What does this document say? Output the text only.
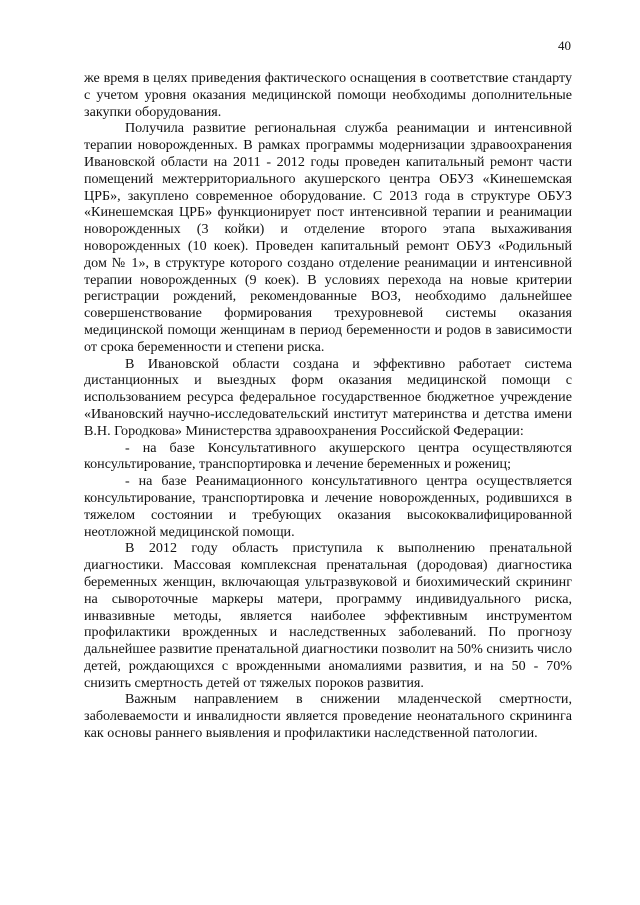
40

же время в целях приведения фактического оснащения в соответствие стандарту с учетом уровня оказания медицинской помощи необходимы дополнительные закупки оборудования.

Получила развитие региональная служба реанимации и интенсивной терапии новорожденных. В рамках программы модернизации здравоохранения Ивановской области на 2011 - 2012 годы проведен капитальный ремонт части помещений межтерриториального акушерского центра ОБУЗ «Кинешемская ЦРБ», закуплено современное оборудование. С 2013 года в структуре ОБУЗ «Кинешемская ЦРБ» функционирует пост интенсивной терапии и реанимации новорожденных (3 койки) и отделение второго этапа выхаживания новорожденных (10 коек). Проведен капитальный ремонт ОБУЗ «Родильный дом № 1», в структуре которого создано отделение реанимации и интенсивной терапии новорожденных (9 коек). В условиях перехода на новые критерии регистрации рождений, рекомендованные ВОЗ, необходимо дальнейшее совершенствование формирования трехуровневой системы оказания медицинской помощи женщинам в период беременности и родов в зависимости от срока беременности и степени риска.

В Ивановской области создана и эффективно работает система дистанционных и выездных форм оказания медицинской помощи с использованием ресурса федеральное государственное бюджетное учреждение «Ивановский научно-исследовательский институт материнства и детства имени В.Н. Городкова» Министерства здравоохранения Российской Федерации:

- на базе Консультативного акушерского центра осуществляются консультирование, транспортировка и лечение беременных и рожениц;

- на базе Реанимационного консультативного центра осуществляется консультирование, транспортировка и лечение новорожденных, родившихся в тяжелом состоянии и требующих оказания высококвалифицированной неотложной медицинской помощи.

В 2012 году область приступила к выполнению пренатальной диагностики. Массовая комплексная пренатальная (дородовая) диагностика беременных женщин, включающая ультразвуковой и биохимический скрининг на сывороточные маркеры матери, программу индивидуального риска, инвазивные методы, является наиболее эффективным инструментом профилактики врожденных и наследственных заболеваний. По прогнозу дальнейшее развитие пренатальной диагностики позволит на 50% снизить число детей, рождающихся с врожденными аномалиями развития, и на 50 - 70% снизить смертность детей от тяжелых пороков развития.

Важным направлением в снижении младенческой смертности, заболеваемости и инвалидности является проведение неонатального скрининга как основы раннего выявления и профилактики наследственной патологии.
